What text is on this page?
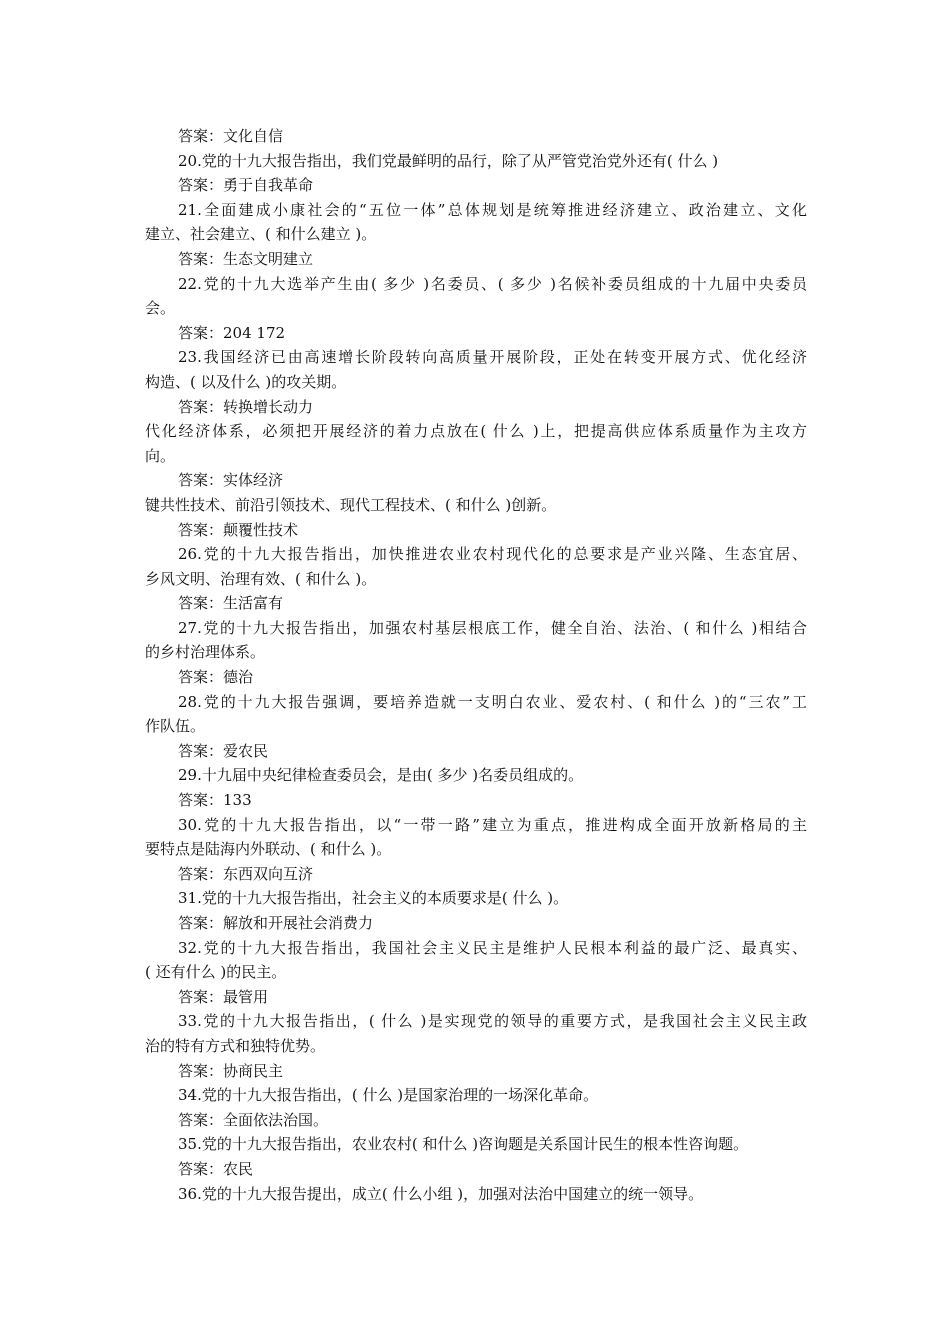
答案：文化自信
20.党的十九大报告指出，我们党最鲜明的品行，除了从严管党治党外还有( 什么 )
答案：勇于自我革命
21.全面建成小康社会的“五位一体”总体规划是统筹推进经济建立、政治建立、文化
建立、社会建立、( 和什么建立 )。
答案：生态文明建立
22.党的十九大选举产生由( 多少 )名委员、( 多少 )名候补委员组成的十九届中央委员
会。
答案：204 172
23.我国经济已由高速增长阶段转向高质量开展阶段，正处在转变开展方式、优化经济
构造、( 以及什么 )的攻关期。
答案：转换增长动力
代化经济体系，必须把开展经济的着力点放在( 什么 )上，把提高供应体系质量作为主攻方
向。
答案：实体经济
键共性技术、前沿引领技术、现代工程技术、( 和什么 )创新。
答案：颠覆性技术
26.党的十九大报告指出，加快推进农业农村现代化的总要求是产业兴隆、生态宜居、
乡风文明、治理有效、( 和什么 )。
答案：生活富有
27.党的十九大报告指出，加强农村基层根底工作，健全自治、法治、( 和什么 )相结合
的乡村治理体系。
答案：德治
28.党的十九大报告强调，要培养造就一支明白农业、爱农村、( 和什么 )的“三农”工
作队伍。
答案：爱农民
29.十九届中央纪律检查委员会，是由( 多少 )名委员组成的。
答案：133
30.党的十九大报告指出，以“一带一路”建立为重点，推进构成全面开放新格局的主
要特点是陆海内外联动、( 和什么 )。
答案：东西双向互济
31.党的十九大报告指出，社会主义的本质要求是( 什么 )。
答案：解放和开展社会消费力
32.党的十九大报告指出，我国社会主义民主是维护人民根本利益的最广泛、最真实、
( 还有什么 )的民主。
答案：最管用
33.党的十九大报告指出，( 什么 )是实现党的领导的重要方式，是我国社会主义民主政
治的特有方式和独特优势。
答案：协商民主
34.党的十九大报告指出，( 什么 )是国家治理的一场深化革命。
答案：全面依法治国。
35.党的十九大报告指出，农业农村( 和什么 )咨询题是关系国计民生的根本性咨询题。
答案：农民
36.党的十九大报告提出，成立( 什么小组 )，加强对法治中国建立的统一领导。
